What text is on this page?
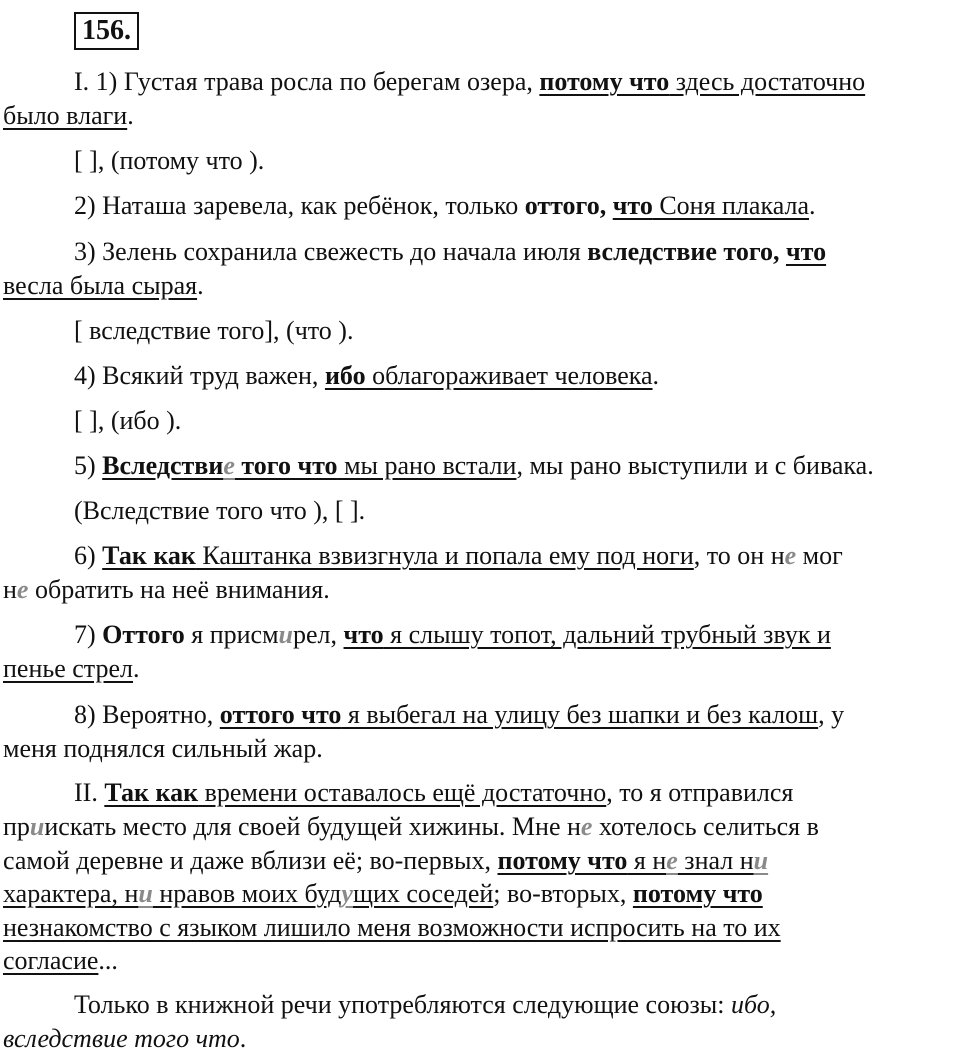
156.
I. 1) Густая трава росла по берегам озера, потому что здесь достаточно
было влаги.
[ ], (потому что ).
2) Наташа заревела, как ребёнок, только оттого, что Соня плакала.
3) Зелень сохранила свежесть до начала июля вследствие того, что
весла была сырая.
[ вследствие того], (что ).
4) Всякий труд важен, ибо облагораживает человека.
[ ], (ибо ).
5) Вследствие того что мы рано встали, мы рано выступили и с бивака.
(Вследствие того что ), [ ].
6) Так как Каштанка взвизгнула и попала ему под ноги, то он не мог
не обратить на неё внимания.
7) Оттого я присмирел, что я слышу топот, дальний трубный звук и
пенье стрел.
8) Вероятно, оттого что я выбегал на улицу без шапки и без калош, у
меня поднялся сильный жар.
II. Так как времени оставалось ещё достаточно, то я отправился
приискать место для своей будущей хижины. Мне не хотелось селиться в
самой деревне и даже вблизи её; во-первых, потому что я не знал ни
характера, ни нравов моих будущих соседей; во-вторых, потому что
незнакомство с языком лишило меня возможности испросить на то их
согласие...
Только в книжной речи употребляются следующие союзы: ибо,
вследствие того что.
